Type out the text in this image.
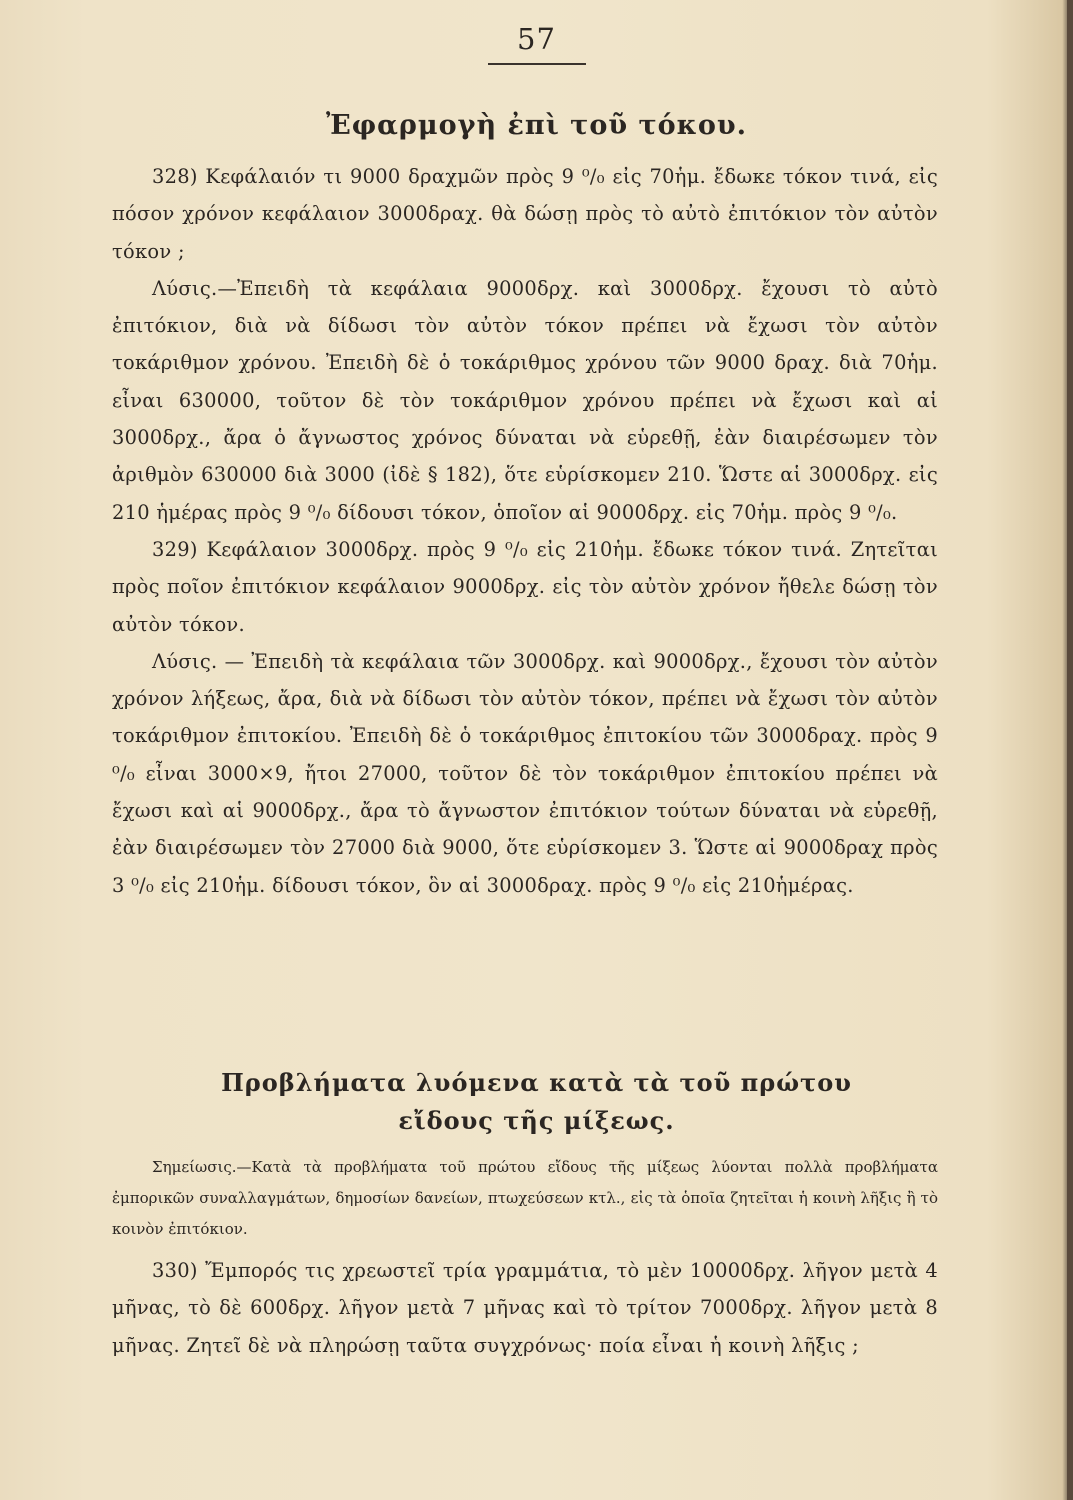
57
Ἐφαρμογὴ ἐπὶ τοῦ τόκου.

328) Κεφάλαιόν τι 9000 δραχμῶν πρὸς 9 ⁰/₀ εἰς 70ἡμ. ἔδωκε τόκον τινά, εἰς πόσον χρόνον κεφάλαιον 3000δραχ. θὰ δώσῃ πρὸς τὸ αὐτὸ ἐπιτόκιον τὸν αὐτὸν τόκον ;

Λύσις.—Ἐπειδὴ τὰ κεφάλαια 9000δρχ. καὶ 3000δρχ. ἔχουσι τὸ αὐτὸ ἐπιτόκιον, διὰ νὰ δίδωσι τὸν αὐτὸν τόκον πρέπει νὰ ἔχωσι τὸν αὐτὸν τοκάριθμον χρόνου. Ἐπειδὴ δὲ ὁ τοκάριθμος χρόνου τῶν 9000 δραχ. διὰ 70ἡμ. εἶναι 630000, τοῦτον δὲ τὸν τοκάριθμον χρόνου πρέπει νὰ ἔχωσι καὶ αἱ 3000δρχ., ἄρα ὁ ἄγνωστος χρόνος δύναται νὰ εὑρεθῇ, ἐὰν διαιρέσωμεν τὸν ἀριθμὸν 630000 διὰ 3000 (ἰδὲ § 182), ὅτε εὑρίσκομεν 210. Ὥστε αἱ 3000δρχ. εἰς 210 ἡμέρας πρὸς 9 ⁰/₀ δίδουσι τόκον, ὁποῖον αἱ 9000δρχ. εἰς 70ἡμ. πρὸς 9 ⁰/₀.

329) Κεφάλαιον 3000δρχ. πρὸς 9 ⁰/₀ εἰς 210ἡμ. ἔδωκε τόκον τινά. Ζητεῖται πρὸς ποῖον ἐπιτόκιον κεφάλαιον 9000δρχ. εἰς τὸν αὐτὸν χρόνον ἤθελε δώσῃ τὸν αὐτὸν τόκον.

Λύσις. — Ἐπειδὴ τὰ κεφάλαια τῶν 3000δρχ. καὶ 9000δρχ., ἔχουσι τὸν αὐτὸν χρόνον λήξεως, ἄρα, διὰ νὰ δίδωσι τὸν αὐτὸν τόκον, πρέπει νὰ ἔχωσι τὸν αὐτὸν τοκάριθμον ἐπιτοκίου. Ἐπειδὴ δὲ ὁ τοκάριθμος ἐπιτοκίου τῶν 3000δραχ. πρὸς 9 ⁰/₀ εἶναι 3000×9, ἤτοι 27000, τοῦτον δὲ τὸν τοκάριθμον ἐπιτοκίου πρέπει νὰ ἔχωσι καὶ αἱ 9000δρχ., ἄρα τὸ ἄγνωστον ἐπιτόκιον τούτων δύναται νὰ εὑρεθῇ, ἐὰν διαιρέσωμεν τὸν 27000 διὰ 9000, ὅτε εὑρίσκομεν 3. Ὥστε αἱ 9000δραχ πρὸς 3 ⁰/₀ εἰς 210ἡμ. δίδουσι τόκον, ὃν αἱ 3000δραχ. πρὸς 9 ⁰/₀ εἰς 210ἡμέρας.

Προβλήματα λυόμενα κατὰ τὰ τοῦ πρώτου
εἴδους τῆς μίξεως.

Σημείωσις.—Κατὰ τὰ προβλήματα τοῦ πρώτου εἴδους τῆς μίξεως λύονται πολλὰ προβλήματα ἐμπορικῶν συναλλαγμάτων, δημοσίων δανείων, πτωχεύσεων κτλ., εἰς τὰ ὁποῖα ζητεῖται ἡ κοινὴ λῆξις ἢ τὸ κοινὸν ἐπιτόκιον.

330) Ἔμπορός τις χρεωστεῖ τρία γραμμάτια, τὸ μὲν 10000δρχ. λῆγον μετὰ 4 μῆνας, τὸ δὲ 600δρχ. λῆγον μετὰ 7 μῆνας καὶ τὸ τρίτον 7000δρχ. λῆγον μετὰ 8 μῆνας. Ζητεῖ δὲ νὰ πληρώσῃ ταῦτα συγχρόνως· ποία εἶναι ἡ κοινὴ λῆξις ;
